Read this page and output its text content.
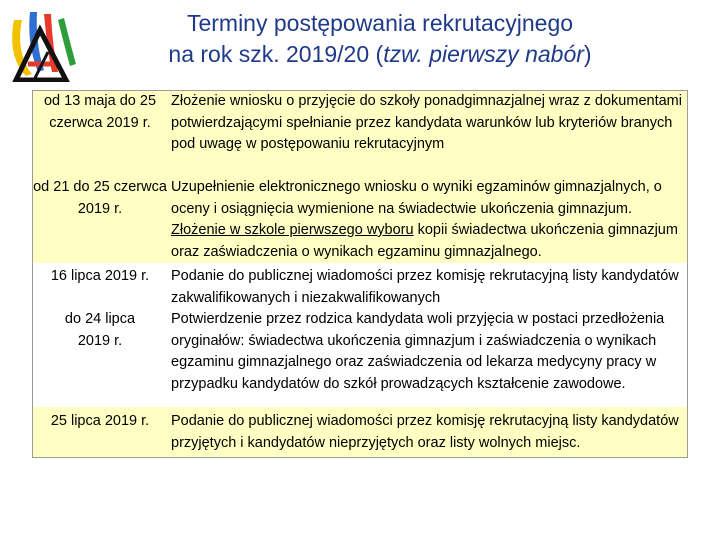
Terminy postępowania rekrutacyjnego
na rok szk. 2019/20 (tzw. pierwszy nabór)
od 13 maja do 25 czerwca 2019 r.
od 21 do 25 czerwca 2019 r.
Złożenie wniosku o przyjęcie do szkoły ponadgimnazjalnej wraz z dokumentami potwierdzającymi spełnianie przez kandydata warunków lub kryteriów branych pod uwagę w postępowaniu rekrutacyjnym
Uzupełnienie elektronicznego wniosku o wyniki egzaminów gimnazjalnych, o oceny i osiągnięcia wymienione na świadectwie ukończenia gimnazjum. Złożenie w szkole pierwszego wyboru kopii świadectwa ukończenia gimnazjum oraz zaświadczenia o wynikach egzaminu gimnazjalnego.
16 lipca 2019 r.
do 24 lipca 2019 r.
Podanie do publicznej wiadomości przez komisję rekrutacyjną listy kandydatów zakwalifikowanych i niezakwalifikowanych
Potwierdzenie przez rodzica kandydata woli przyjęcia w postaci przedłożenia oryginałów: świadectwa ukończenia gimnazjum i zaświadczenia o wynikach egzaminu gimnazjalnego oraz zaświadczenia od lekarza medycyny pracy w przypadku kandydatów do szkół prowadzących kształcenie zawodowe.
25 lipca 2019 r.	Podanie do publicznej wiadomości przez komisję rekrutacyjną listy kandydatów przyjętych i kandydatów nieprzyjętych oraz listy wolnych miejsc.
